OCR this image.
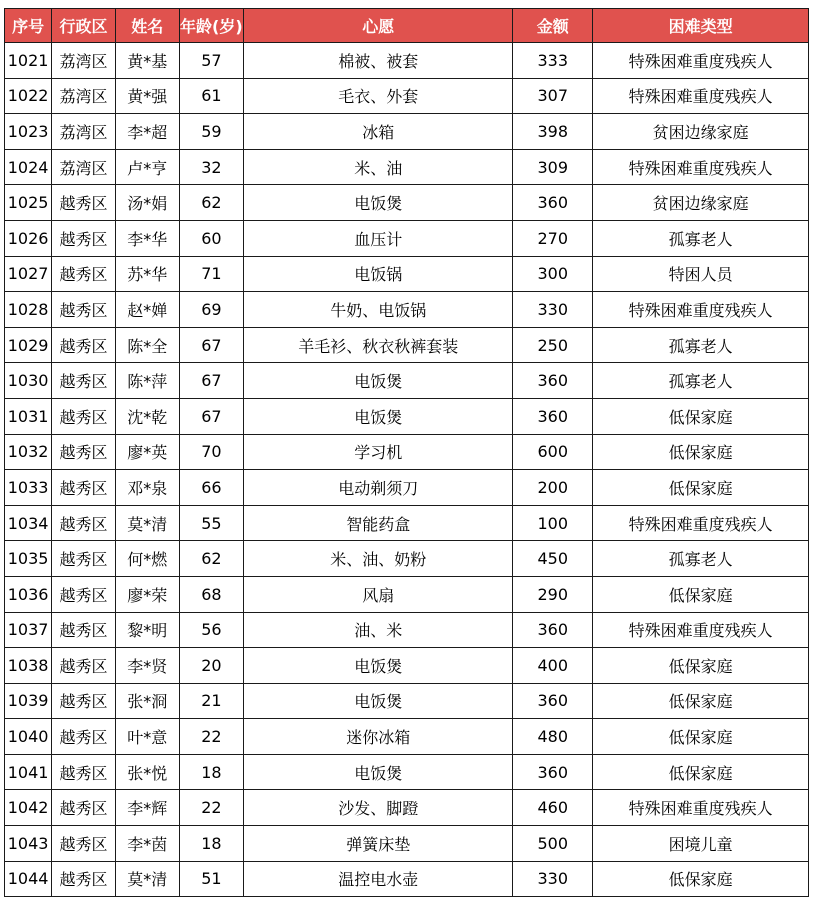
序号	行政区	姓名	年龄(岁)	心愿	金额	困难类型
1021	荔湾区	黄*基	57	棉被、被套	333	特殊困难重度残疾人
1022	荔湾区	黄*强	61	毛衣、外套	307	特殊困难重度残疾人
1023	荔湾区	李*超	59	冰箱	398	贫困边缘家庭
1024	荔湾区	卢*亨	32	米、油	309	特殊困难重度残疾人
1025	越秀区	汤*娟	62	电饭煲	360	贫困边缘家庭
1026	越秀区	李*华	60	血压计	270	孤寡老人
1027	越秀区	苏*华	71	电饭锅	300	特困人员
1028	越秀区	赵*婵	69	牛奶、电饭锅	330	特殊困难重度残疾人
1029	越秀区	陈*全	67	羊毛衫、秋衣秋裤套装	250	孤寡老人
1030	越秀区	陈*萍	67	电饭煲	360	孤寡老人
1031	越秀区	沈*乾	67	电饭煲	360	低保家庭
1032	越秀区	廖*英	70	学习机	600	低保家庭
1033	越秀区	邓*泉	66	电动剃须刀	200	低保家庭
1034	越秀区	莫*清	55	智能药盒	100	特殊困难重度残疾人
1035	越秀区	何*燃	62	米、油、奶粉	450	孤寡老人
1036	越秀区	廖*荣	68	风扇	290	低保家庭
1037	越秀区	黎*明	56	油、米	360	特殊困难重度残疾人
1038	越秀区	李*贤	20	电饭煲	400	低保家庭
1039	越秀区	张*浻	21	电饭煲	360	低保家庭
1040	越秀区	叶*意	22	迷你冰箱	480	低保家庭
1041	越秀区	张*悦	18	电饭煲	360	低保家庭
1042	越秀区	李*辉	22	沙发、脚蹬	460	特殊困难重度残疾人
1043	越秀区	李*茵	18	弹簧床垫	500	困境儿童
1044	越秀区	莫*清	51	温控电水壶	330	低保家庭
